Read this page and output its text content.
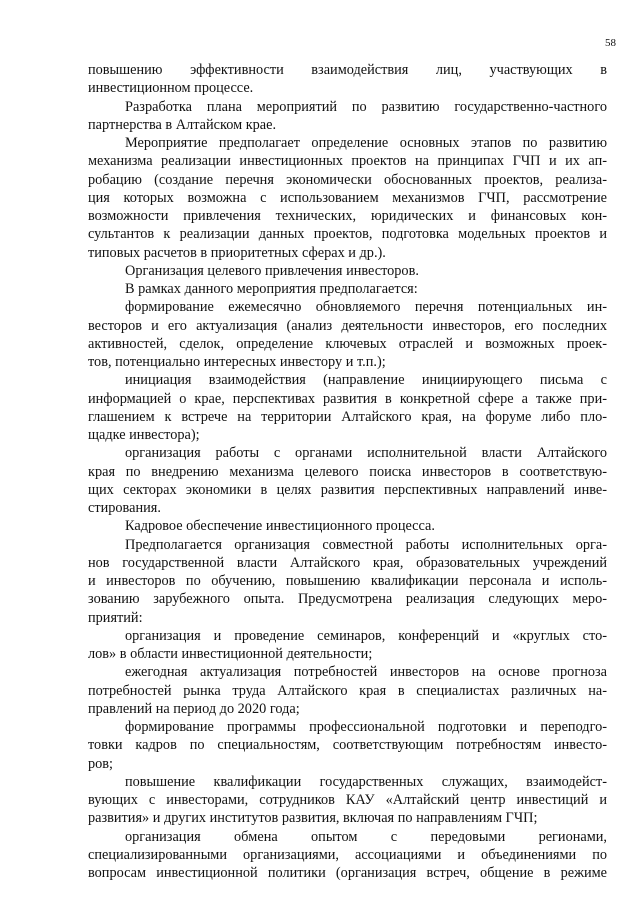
58
повышению эффективности взаимодействия лиц, участвующих в
инвестиционном процессе.
Разработка плана мероприятий по развитию государственно-частного
партнерства в Алтайском крае.
Мероприятие предполагает определение основных этапов по развитию
механизма реализации инвестиционных проектов на принципах ГЧП и их ап-
робацию (создание перечня экономически обоснованных проектов, реализа-
ция которых возможна с использованием механизмов ГЧП, рассмотрение
возможности привлечения технических, юридических и финансовых кон-
сультантов к реализации данных проектов, подготовка модельных проектов и
типовых расчетов в приоритетных сферах и др.).
Организация целевого привлечения инвесторов.
В рамках данного мероприятия предполагается:
формирование ежемесячно обновляемого перечня потенциальных ин-
весторов и его актуализация (анализ деятельности инвесторов, его последних
активностей, сделок, определение ключевых отраслей и возможных проек-
тов, потенциально интересных инвестору и т.п.);
инициация взаимодействия (направление инициирующего письма с
информацией о крае, перспективах развития в конкретной сфере а также при-
глашением к встрече на территории Алтайского края, на форуме либо пло-
щадке инвестора);
организация работы с органами исполнительной власти Алтайского
края по внедрению механизма целевого поиска инвесторов в соответствую-
щих секторах экономики в целях развития перспективных направлений инве-
стирования.
Кадровое обеспечение инвестиционного процесса.
Предполагается организация совместной работы исполнительных орга-
нов государственной власти Алтайского края, образовательных учреждений
и инвесторов по обучению, повышению квалификации персонала и исполь-
зованию зарубежного опыта. Предусмотрена реализация следующих меро-
приятий:
организация и проведение семинаров, конференций и «круглых сто-
лов» в области инвестиционной деятельности;
ежегодная актуализация потребностей инвесторов на основе прогноза
потребностей рынка труда Алтайского края в специалистах различных на-
правлений на период до 2020 года;
формирование программы профессиональной подготовки и переподго-
товки кадров по специальностям, соответствующим потребностям инвесто-
ров;
повышение квалификации государственных служащих, взаимодейст-
вующих с инвесторами, сотрудников КАУ «Алтайский центр инвестиций и
развития» и других институтов развития, включая по направлениям ГЧП;
организация обмена опытом с передовыми регионами,
специализированными организациями, ассоциациями и объединениями по
вопросам инвестиционной политики (организация встреч, общение в режиме
